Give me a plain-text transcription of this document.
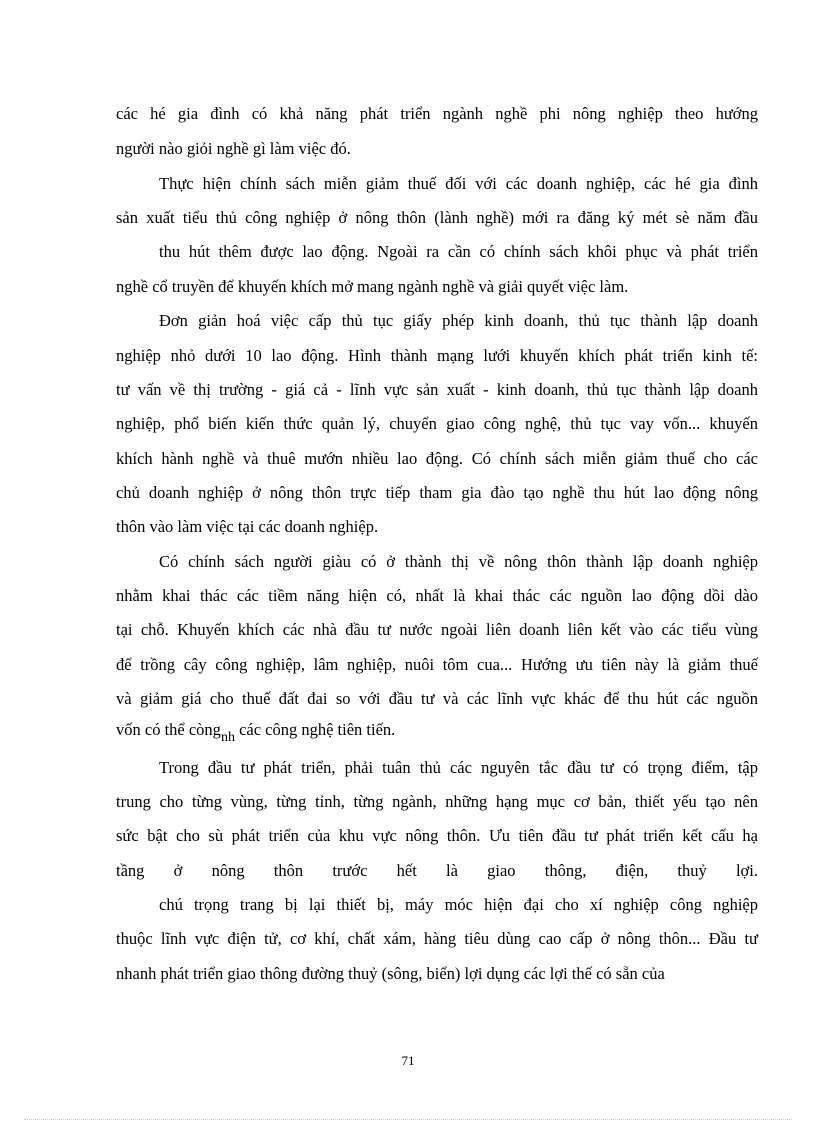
các hé gia đình có khả năng phát triển ngành nghề phi nông nghiệp theo hướng
người nào giỏi nghề gì làm việc đó.
Thực hiện chính sách miễn giảm thuế đối với các doanh nghiệp, các hé gia đình
sản xuất tiểu thủ công nghiệp ở nông thôn (lành nghề) mới ra đăng ký mét sè năm đầu
thu hút thêm được lao động. Ngoài ra cần có chính sách khôi phục và phát triển
nghề cổ truyền để khuyến khích mở mang ngành nghề và giải quyết việc làm.
Đơn giản hoá việc cấp thủ tục giấy phép kinh doanh, thủ tục thành lập doanh
nghiệp nhỏ dưới 10 lao động. Hình thành mạng lưới khuyến khích phát triển kinh tế:
tư vấn về thị trường - giá cả - lĩnh vực sản xuất - kinh doanh, thủ tục thành lập doanh
nghiệp, phổ biến kiến thức quản lý, chuyển giao công nghệ, thủ tục vay vốn... khuyến
khích hành nghề và thuê mướn nhiều lao động. Có chính sách miễn giảm thuế cho các
chủ doanh nghiệp ở nông thôn trực tiếp tham gia đào tạo nghề thu hút lao động nông
thôn vào làm việc tại các doanh nghiệp.
Có chính sách người giàu có ở thành thị về nông thôn thành lập doanh nghiệp
nhằm khai thác các tiềm năng hiện có, nhất là khai thác các nguồn lao động dồi dào
tại chỗ. Khuyến khích các nhà đầu tư nước ngoài liên doanh liên kết vào các tiểu vùng
để trồng cây công nghiệp, lâm nghiệp, nuôi tôm cua... Hướng ưu tiên này là giảm thuế
và giảm giá cho thuế đất đai so với đầu tư và các lĩnh vực khác để thu hút các nguồn
vốn có thể còng$_{nh}$ các công nghệ tiên tiến.
Trong đầu tư phát triển, phải tuân thủ các nguyên tắc đầu tư có trọng điểm, tập
trung cho từng vùng, từng tỉnh, từng ngành, những hạng mục cơ bản, thiết yếu tạo nên
sức bật cho sù phát triển của khu vực nông thôn. Ưu tiên đầu tư phát triển kết cấu hạ
tầng ở nông thôn trước hết là giao thông, điện, thuỷ lợi.
chú trọng trang bị lại thiết bị, máy móc hiện đại cho xí nghiệp công nghiệp
thuộc lĩnh vực điện tử, cơ khí, chất xám, hàng tiêu dùng cao cấp ở nông thôn... Đầu tư
nhanh phát triển giao thông đường thuỷ (sông, biển) lợi dụng các lợi thế có sẵn của
71
